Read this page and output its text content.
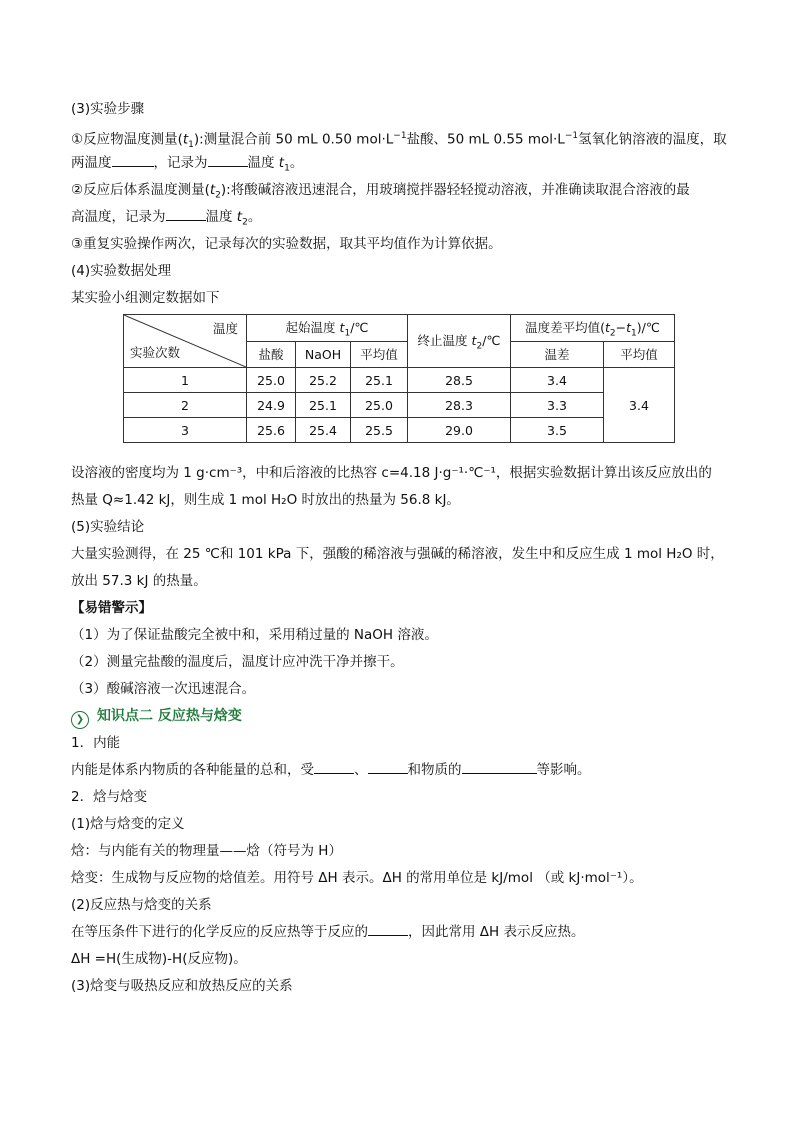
(3)实验步骤
①反应物温度测量$(t_1)$:测量混合前 50 mL 0.50 $mol\cdot L^{-1}$盐酸、50 mL 0.55 $mol\cdot L^{-1}$氢氧化钠溶液的温度，取
两温度	，记录为	温度 $t_1$。
②反应后体系温度测量$(t_2)$:将酸碱溶液迅速混合，用玻璃搅拌器轻轻搅动溶液，并准确读取混合溶液的最
高温度，记录为	温度 $t_2$。
③重复实验操作两次，记录每次的实验数据，取其平均值作为计算依据。
(4)实验数据处理
某实验小组测定数据如下
温度
实验次数	起始温度 $t_1/℃$			终止温度 $t_2/℃$	温度差平均值$(t_2-t_1)/℃$	
	盐酸	NaOH	平均值		温差	平均值
1	25.0	25.2	25.1	28.5	3.4	3.4
2	24.9	25.1	25.0	28.3	3.3	
3	25.6	25.4	25.5	29.0	3.5	
设溶液的密度均为 1 g·cm⁻³，中和后溶液的比热容 c=4.18 J·g⁻¹·℃⁻¹，根据实验数据计算出该反应放出的
热量 Q≈1.42 kJ，则生成 1 mol H₂O 时放出的热量为 56.8 kJ。
(5)实验结论
大量实验测得，在 25 ℃和 101 kPa 下，强酸的稀溶液与强碱的稀溶液，发生中和反应生成 1 mol H₂O 时，
放出 57.3 kJ 的热量。
【易错警示】
（1）为了保证盐酸完全被中和，采用稍过量的 NaOH 溶液。
（2）测量完盐酸的温度后，温度计应冲洗干净并擦干。
（3）酸碱溶液一次迅速混合。
❯ 知识点二 反应热与焓变
1．内能
内能是体系内物质的各种能量的总和，受	、	和物质的	等影响。
2．焓与焓变
(1)焓与焓变的定义
焓：与内能有关的物理量——焓（符号为 H）
焓变：生成物与反应物的焓值差。用符号 ΔH 表示。ΔH 的常用单位是 kJ/mol （或 kJ·mol⁻¹）。
(2)反应热与焓变的关系
在等压条件下进行的化学反应的反应热等于反应的	，因此常用 ΔH 表示反应热。
ΔH =H(生成物)-H(反应物)。
(3)焓变与吸热反应和放热反应的关系
